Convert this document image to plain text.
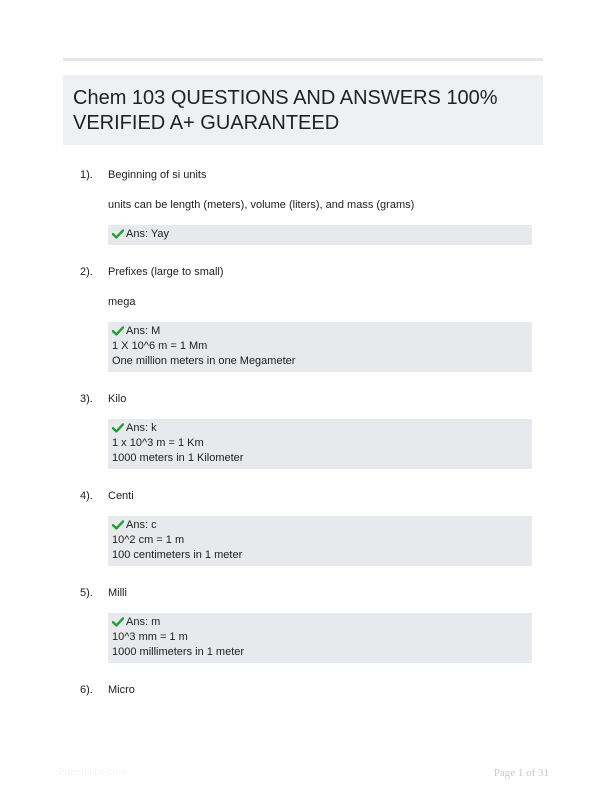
Chem 103 QUESTIONS AND ANSWERS 100% VERIFIED A+ GUARANTEED
1).	Beginning of si units

units can be length (meters), volume (liters), and mass (grams)

Ans: Yay
2).	Prefixes (large to small)

mega

Ans: M
1 X 10^6 m = 1 Mm
One million meters in one Megameter
3).	Kilo

Ans: k
1 x 10^3 m = 1 Km
1000 meters in 1 Kilometer
4).	Centi

Ans: c
10^2 cm = 1 m
100 centimeters in 1 meter
5).	Milli

Ans: m
10^3 mm = 1 m
1000 millimeters in 1 meter
6).	Micro

PaperNibs.com	Page 1 of 31
